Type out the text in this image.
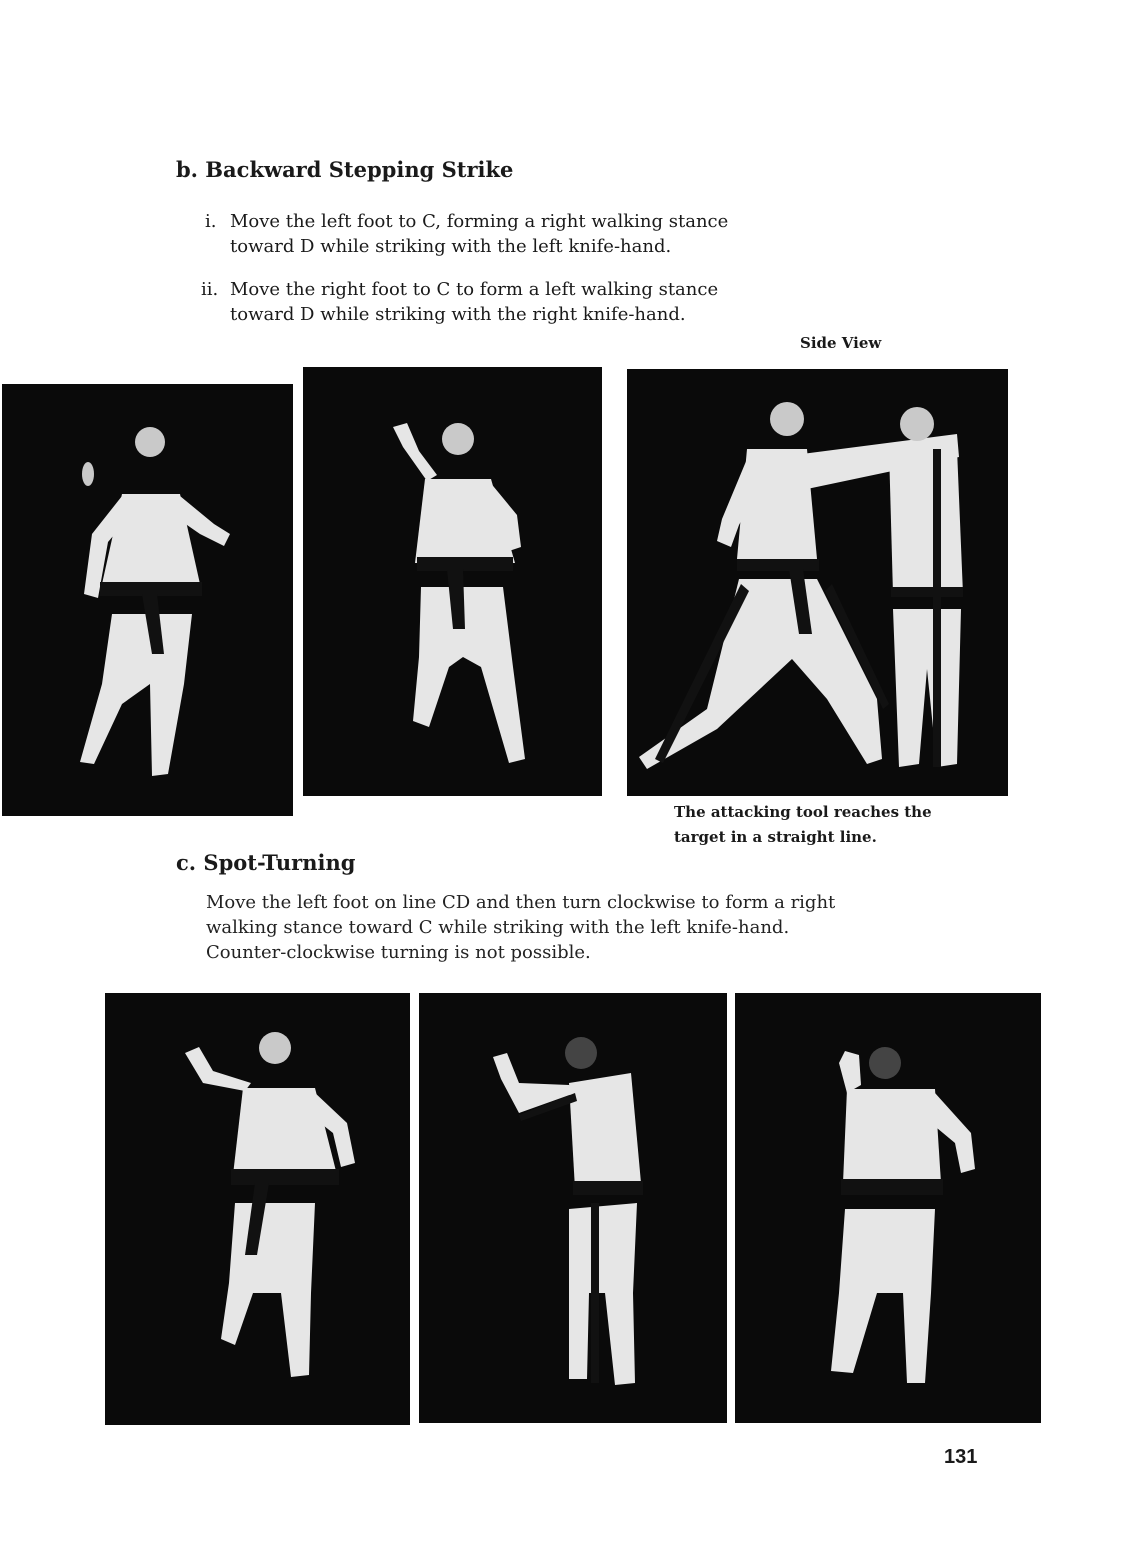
b. Backward Stepping Strike
i. Move the left foot to C, forming a right walking stance
toward D while striking with the left knife-hand.
ii. Move the right foot to C to form a left walking stance
toward D while striking with the right knife-hand.
Side View
The attacking tool reaches the
target in a straight line.
c. Spot-Turning
Move the left foot on line CD and then turn clockwise to form a right
walking stance toward C while striking with the left knife-hand.
Counter-clockwise turning is not possible.
131
